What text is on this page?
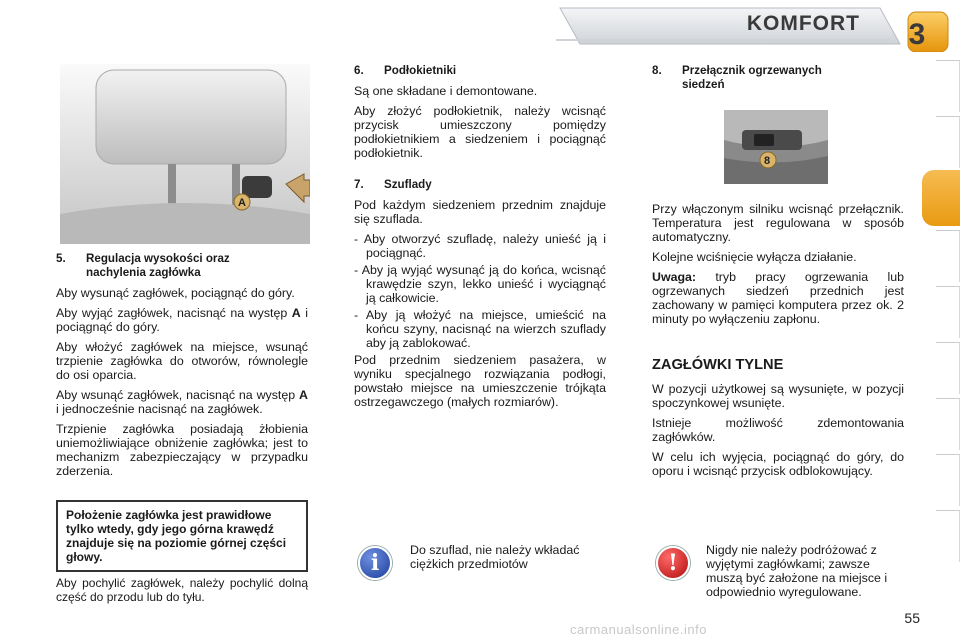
KOMFORT	3
A
5.	Regulacja wysokości oraz
nachylenia zagłówka

Aby wysunąć zagłówek, pociągnąć do góry.

Aby wyjąć zagłówek, nacisnąć na występ A i pociągnąć do góry.

Aby włożyć zagłówek na miejsce, wsunąć trzpienie zagłówka do otworów, równolegle do osi oparcia.

Aby wsunąć zagłówek, nacisnąć na występ A i jednocześnie nacisnąć na zagłówek.

Trzpienie zagłówka posiadają żłobienia uniemożliwiające obniżenie zagłówka; jest to mechanizm zabezpieczający w przypadku zderzenia.

Położenie zagłówka jest prawidłowe tylko wtedy, gdy jego górna krawędź znajduje się na poziomie górnej części głowy.

Aby pochylić zagłówek, należy pochylić dolną część do przodu lub do tyłu.

6. Podłokietniki

Są one składane i demontowane.

Aby złożyć podłokietnik, należy wcisnąć przycisk umieszczony pomiędzy podłokietnikiem a siedzeniem i pociągnąć podłokietnik.

7. Szuflady

Pod każdym siedzeniem przednim znajduje się szuflada.

- Aby otworzyć szufladę, należy unieść ją i pociągnąć.

- Aby ją wyjąć wysunąć ją do końca, wcisnąć krawędzie szyn, lekko unieść i wyciągnąć ją całkowicie.

- Aby ją włożyć na miejsce, umieścić na końcu szyny, nacisnąć na wierzch szuflady aby ją zablokować.

Pod przednim siedzeniem pasażera, w wyniku specjalnego rozwiązania podłogi, powstało miejsce na umieszczenie trójkąta ostrzegawczego (małych rozmiarów).

i	Do szuflad, nie należy wkładać ciężkich przedmiotów
8.	Przełącznik ogrzewanych
siedzeń
8

Przy włączonym silniku wcisnąć przełącznik. Temperatura jest regulowana w sposób automatyczny.

Kolejne wciśnięcie wyłącza działanie.

Uwaga: tryb pracy ogrzewania lub ogrzewanych siedzeń przednich jest zachowany w pamięci komputera przez ok. 2 minuty po wyłączeniu zapłonu.

ZAGŁÓWKI TYLNE

W pozycji użytkowej są wysunięte, w pozycji spoczynkowej wsunięte.

Istnieje możliwość zdemontowania zagłówków.

W celu ich wyjęcia, pociągnąć do góry, do oporu i wcisnąć przycisk odblokowujący.

!	Nigdy nie należy podróżować z wyjętymi zagłówkami; zawsze muszą być założone na miejsce i odpowiednio wyregulowane.
55
carmanualsonline.info
